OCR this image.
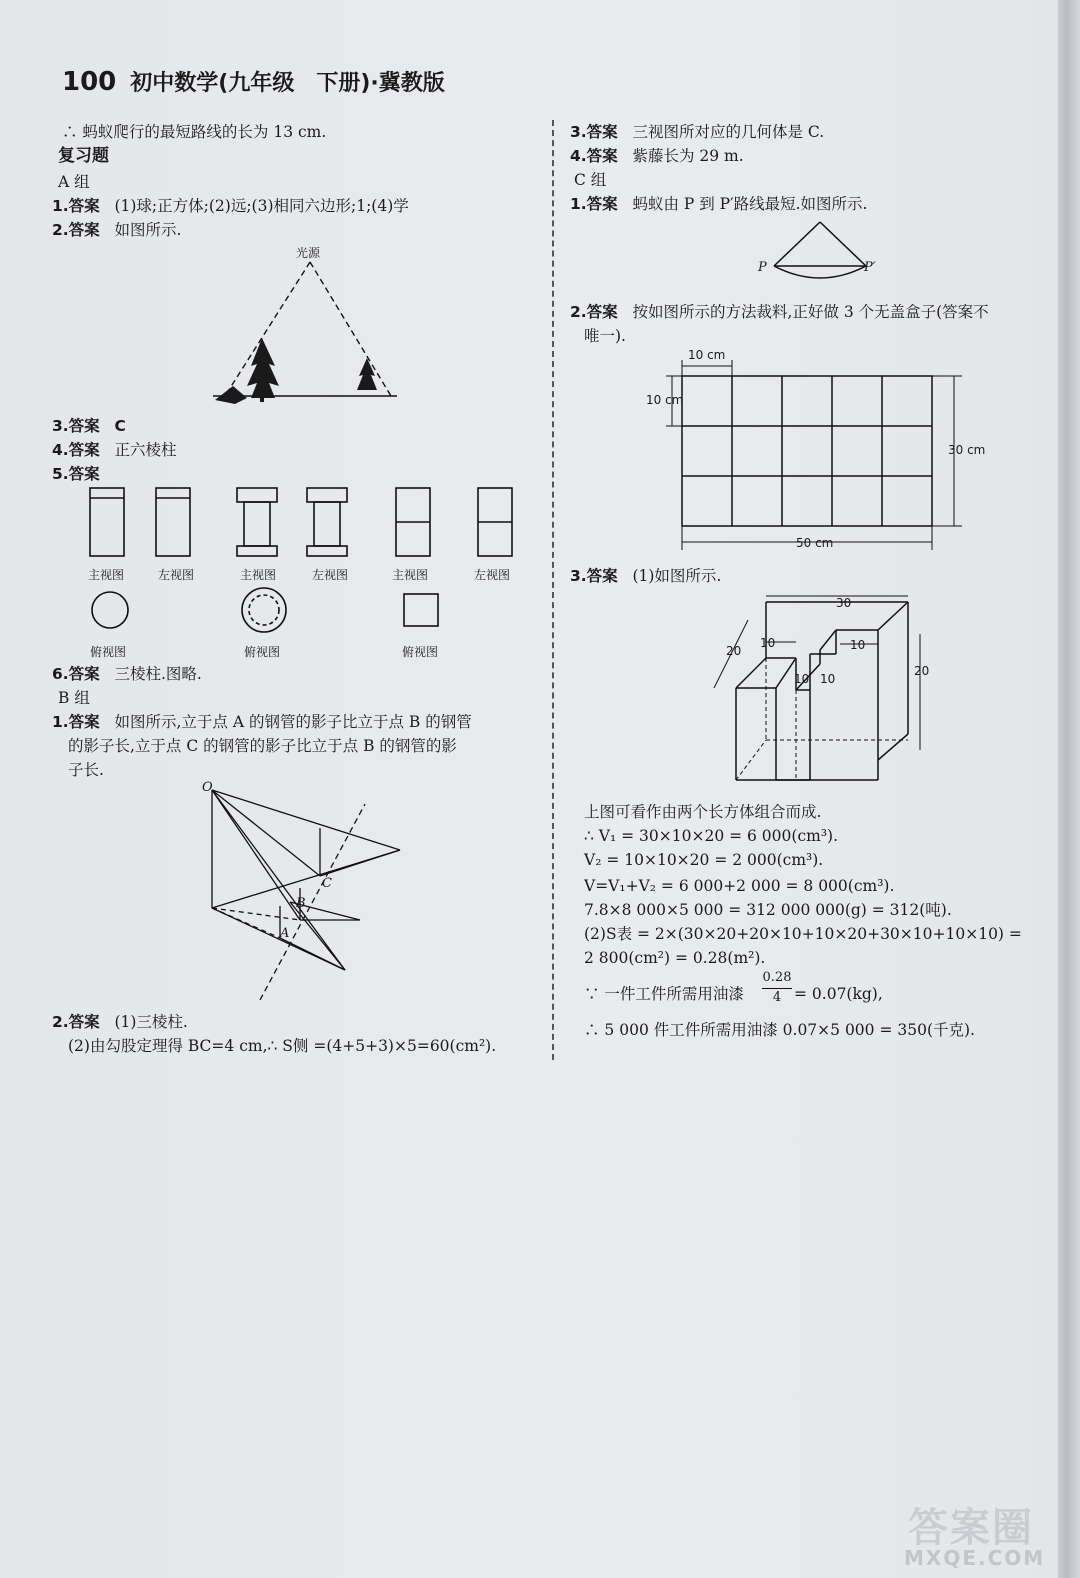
100 初中数学(九年级　下册)·冀教版
∴ 蚂蚁爬行的最短路线的长为 13 cm.
复习题
A 组
1.答案 (1)球;正方体;(2)远;(3)相同六边形;1;(4)学
2.答案 如图所示.
光源
3.答案 C
4.答案 正六棱柱
5.答案
主视图	左视图	主视图	左视图	主视图	左视图
俯视图	俯视图	俯视图
6.答案 三棱柱.图略.
B 组
1.答案 如图所示,立于点 A 的钢管的影子比立于点 B 的钢管
的影子长,立于点 C 的钢管的影子比立于点 B 的钢管的影
子长.
O
A
B
C
2.答案 (1)三棱柱.
(2)由勾股定理得 BC=4 cm,∴ S侧 =(4+5+3)×5=60(cm²).
3.答案 三视图所对应的几何体是 C.
4.答案 紫藤长为 29 m.
C 组
1.答案 蚂蚁由 P 到 P′路线最短.如图所示.
P	P′
2.答案 按如图所示的方法裁料,正好做 3 个无盖盒子(答案不
唯一).
10 cm
10 cm
30 cm
50 cm
3.答案 (1)如图所示.
30
10	10
20
20
10 10
上图可看作由两个长方体组合而成.
∴ V₁ = 30×10×20 = 6 000(cm³).
V₂ = 10×10×20 = 2 000(cm³).
V=V₁+V₂ = 6 000+2 000 = 8 000(cm³).
7.8×8 000×5 000 = 312 000 000(g) = 312(吨).
(2)S表 = 2×(30×20+20×10+10×20+30×10+10×10) =
2 800(cm²) = 0.28(m²).
∵ 一件工件所需用油漆
0.28
4 = 0.07(kg),
∴ 5 000 件工件所需用油漆 0.07×5 000 = 350(千克).
答案圈
MXQE.COM
